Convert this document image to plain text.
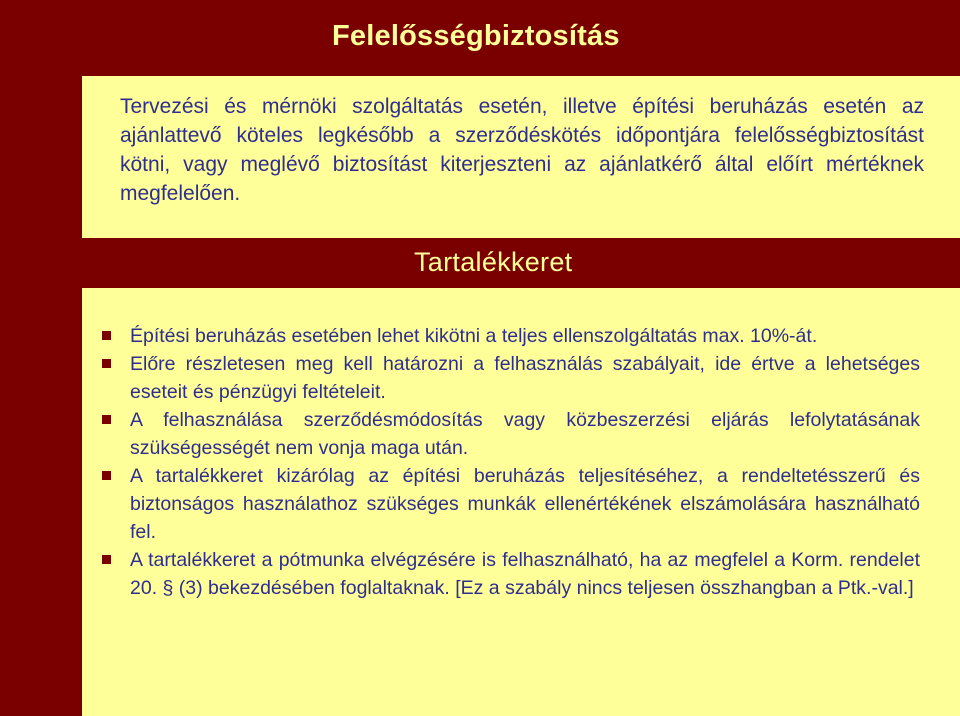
Felelősségbiztosítás

Tervezési és mérnöki szolgáltatás esetén, illetve építési beruházás esetén az ajánlattevő köteles legkésőbb a szerződéskötés időpontjára felelősségbiztosítást kötni, vagy meglévő biztosítást kiterjeszteni az ajánlatkérő által előírt mértéknek megfelelően.

Tartalékkeret
Építési beruházás esetében lehet kikötni a teljes ellenszolgáltatás max. 10%-át.
Előre részletesen meg kell határozni a felhasználás szabályait, ide értve a lehetséges eseteit és pénzügyi feltételeit.
A felhasználása szerződésmódosítás vagy közbeszerzési eljárás lefolytatásának szükségességét nem vonja maga után.
A tartalékkeret kizárólag az építési beruházás teljesítéséhez, a rendeltetésszerű és biztonságos használathoz szükséges munkák ellenértékének elszámolására használható fel.
A tartalékkeret a pótmunka elvégzésére is felhasználható, ha az megfelel a Korm. rendelet 20. § (3) bekezdésében foglaltaknak. [Ez a szabály nincs teljesen összhangban a Ptk.-val.]
